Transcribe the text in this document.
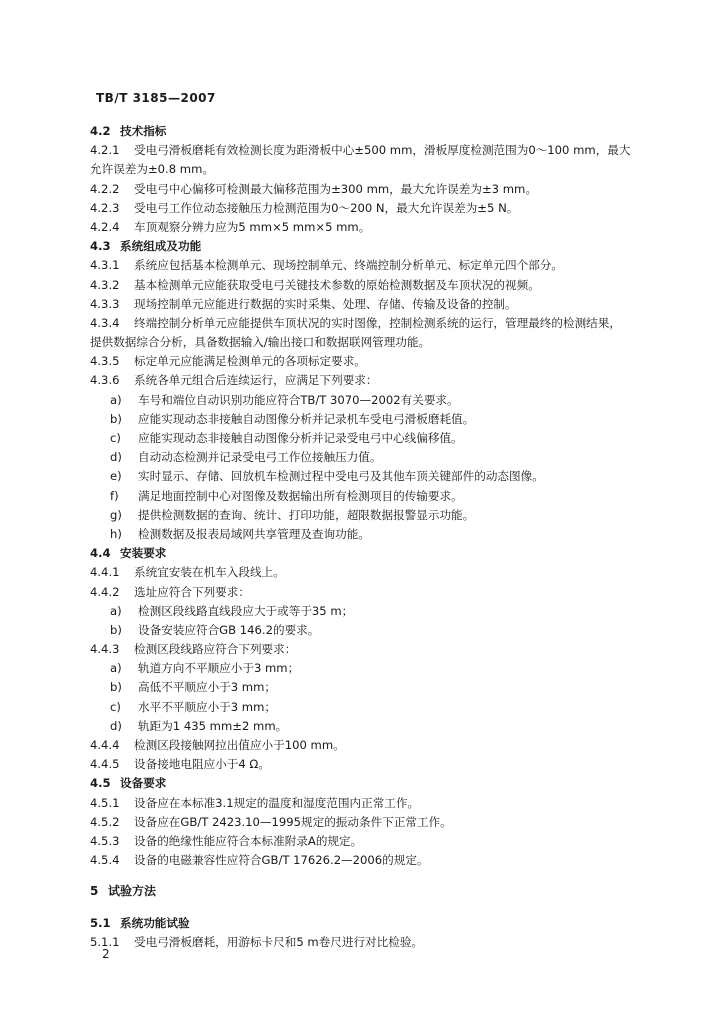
TB/T 3185—2007
4.2 技术指标
4.2.1 受电弓滑板磨耗有效检测长度为距滑板中心±500 mm，滑板厚度检测范围为0～100 mm，最大
允许误差为±0.8 mm。
4.2.2 受电弓中心偏移可检测最大偏移范围为±300 mm，最大允许误差为±3 mm。
4.2.3 受电弓工作位动态接触压力检测范围为0～200 N，最大允许误差为±5 N。
4.2.4 车顶观察分辨力应为5 mm×5 mm×5 mm。
4.3 系统组成及功能
4.3.1 系统应包括基本检测单元、现场控制单元、终端控制分析单元、标定单元四个部分。
4.3.2 基本检测单元应能获取受电弓关键技术参数的原始检测数据及车顶状况的视频。
4.3.3 现场控制单元应能进行数据的实时采集、处理、存储、传输及设备的控制。
4.3.4 终端控制分析单元应能提供车顶状况的实时图像，控制检测系统的运行，管理最终的检测结果，
提供数据综合分析，具备数据输入/输出接口和数据联网管理功能。
4.3.5 标定单元应能满足检测单元的各项标定要求。
4.3.6 系统各单元组合后连续运行，应满足下列要求：
a) 车号和端位自动识别功能应符合TB/T 3070—2002有关要求。
b) 应能实现动态非接触自动图像分析并记录机车受电弓滑板磨耗值。
c) 应能实现动态非接触自动图像分析并记录受电弓中心线偏移值。
d) 自动动态检测并记录受电弓工作位接触压力值。
e) 实时显示、存储、回放机车检测过程中受电弓及其他车顶关键部件的动态图像。
f) 满足地面控制中心对图像及数据输出所有检测项目的传输要求。
g) 提供检测数据的查询、统计、打印功能，超限数据报警显示功能。
h) 检测数据及报表局域网共享管理及查询功能。
4.4 安装要求
4.4.1 系统宜安装在机车入段线上。
4.4.2 选址应符合下列要求：
a) 检测区段线路直线段应大于或等于35 m；
b) 设备安装应符合GB 146.2的要求。
4.4.3 检测区段线路应符合下列要求：
a) 轨道方向不平顺应小于3 mm；
b) 高低不平顺应小于3 mm；
c) 水平不平顺应小于3 mm；
d) 轨距为1 435 mm±2 mm。
4.4.4 检测区段接触网拉出值应小于100 mm。
4.4.5 设备接地电阻应小于4 Ω。
4.5 设备要求
4.5.1 设备应在本标准3.1规定的温度和湿度范围内正常工作。
4.5.2 设备应在GB/T 2423.10—1995规定的振动条件下正常工作。
4.5.3 设备的绝缘性能应符合本标准附录A的规定。
4.5.4 设备的电磁兼容性应符合GB/T 17626.2—2006的规定。
5 试验方法
5.1 系统功能试验
5.1.1 受电弓滑板磨耗，用游标卡尺和5 m卷尺进行对比检验。
2
